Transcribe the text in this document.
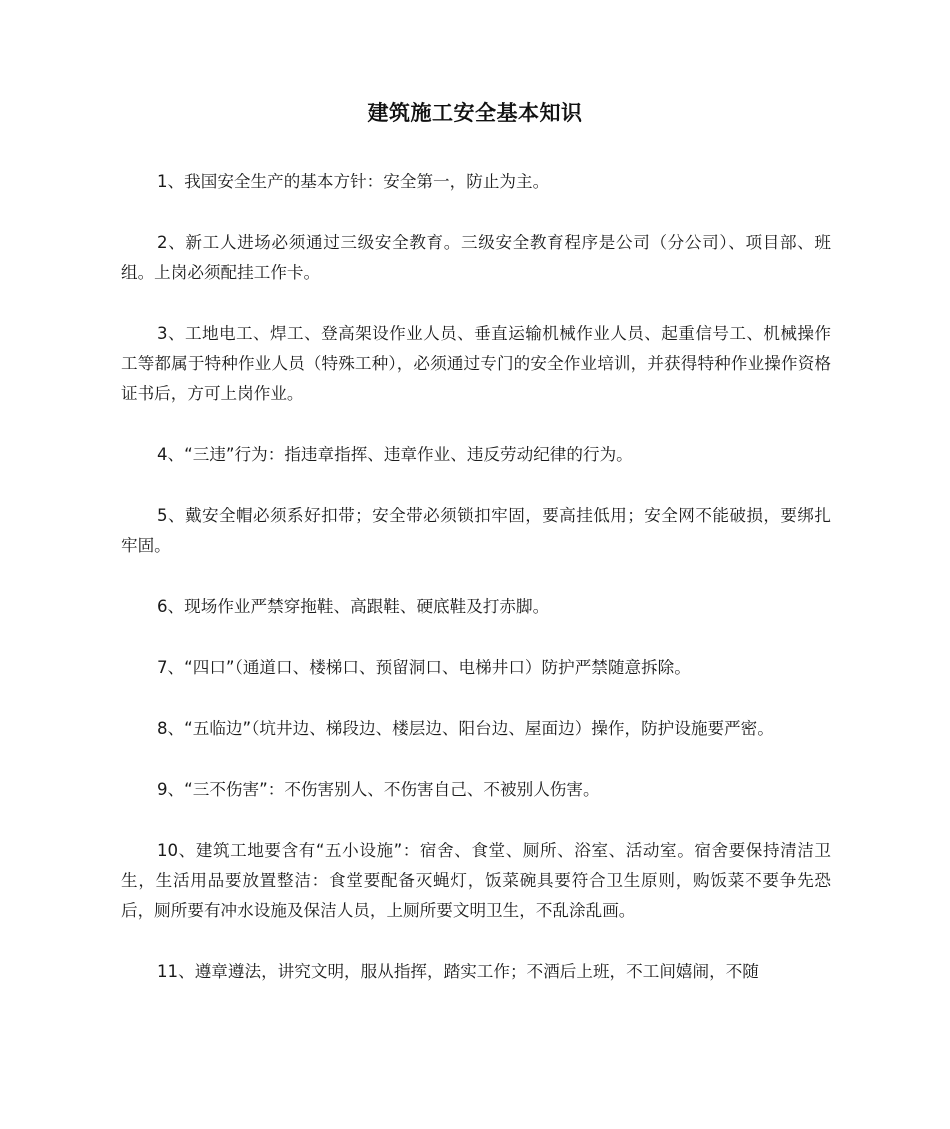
建筑施工安全基本知识

1、我国安全生产的基本方针：安全第一，防止为主。

2、新工人进场必须通过三级安全教育。三级安全教育程序是公司（分公司）、项目部、班组。上岗必须配挂工作卡。

3、工地电工、焊工、登高架设作业人员、垂直运输机械作业人员、起重信号工、机械操作工等都属于特种作业人员（特殊工种），必须通过专门的安全作业培训，并获得特种作业操作资格证书后，方可上岗作业。

4、“三违”行为：指违章指挥、违章作业、违反劳动纪律的行为。

5、戴安全帽必须系好扣带；安全带必须锁扣牢固，要高挂低用；安全网不能破损，要绑扎牢固。

6、现场作业严禁穿拖鞋、高跟鞋、硬底鞋及打赤脚。

7、“四口”（通道口、楼梯口、预留洞口、电梯井口）防护严禁随意拆除。

8、“五临边”（坑井边、梯段边、楼层边、阳台边、屋面边）操作，防护设施要严密。

9、“三不伤害”：不伤害别人、不伤害自己、不被别人伤害。

10、建筑工地要含有“五小设施”：宿舍、食堂、厕所、浴室、活动室。宿舍要保持清洁卫生，生活用品要放置整洁：食堂要配备灭蝇灯，饭菜碗具要符合卫生原则，购饭菜不要争先恐后，厕所要有冲水设施及保洁人员，上厕所要文明卫生，不乱涂乱画。

11、遵章遵法，讲究文明，服从指挥，踏实工作；不酒后上班，不工间嬉闹，不随
